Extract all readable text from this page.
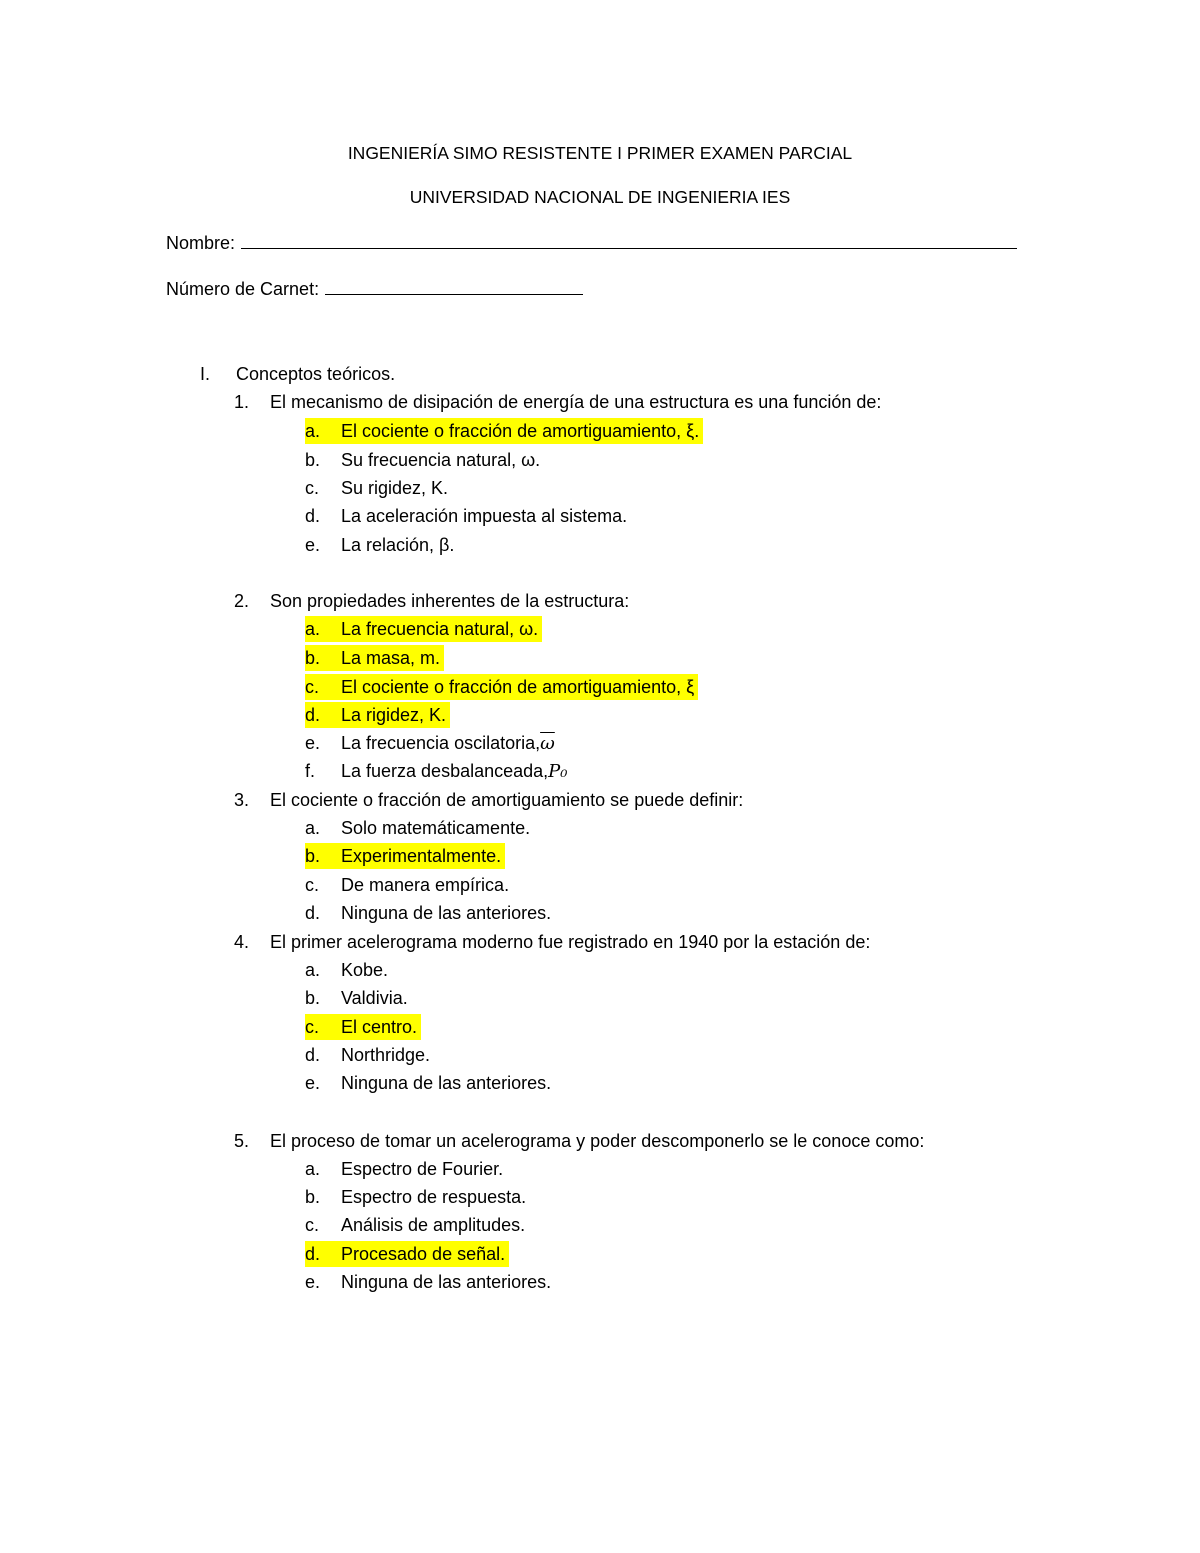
INGENIERÍA SIMO RESISTENTE I PRIMER EXAMEN PARCIAL
UNIVERSIDAD NACIONAL DE INGENIERIA IES
Nombre:
Número de Carnet:
I. Conceptos teóricos.
1. El mecanismo de disipación de energía de una estructura es una función de:
a. El cociente o fracción de amortiguamiento, ξ.
b. Su frecuencia natural, ω.
c. Su rigidez, K.
d. La aceleración impuesta al sistema.
e. La relación, β.
2. Son propiedades inherentes de la estructura:
a. La frecuencia natural, ω.
b. La masa, m.
c. El cociente o fracción de amortiguamiento, ξ
d. La rigidez, K.
e. La frecuencia $oscilatoria,\overline{\omega}$
f. La fuerza desbalanceada,P₀
3. El cociente o fracción de amortiguamiento se puede definir:
a. Solo matemáticamente.
b. Experimentalmente.
c. De manera empírica.
d. Ninguna de las anteriores.
4. El primer acelerograma moderno fue registrado en 1940 por la estación de:
a. Kobe.
b. Valdivia.
c. El centro.
d. Northridge.
e. Ninguna de las anteriores.
5. El proceso de tomar un acelerograma y poder descomponerlo se le conoce como:
a. Espectro de Fourier.
b. Espectro de respuesta.
c. Análisis de amplitudes.
d. Procesado de señal.
e. Ninguna de las anteriores.
